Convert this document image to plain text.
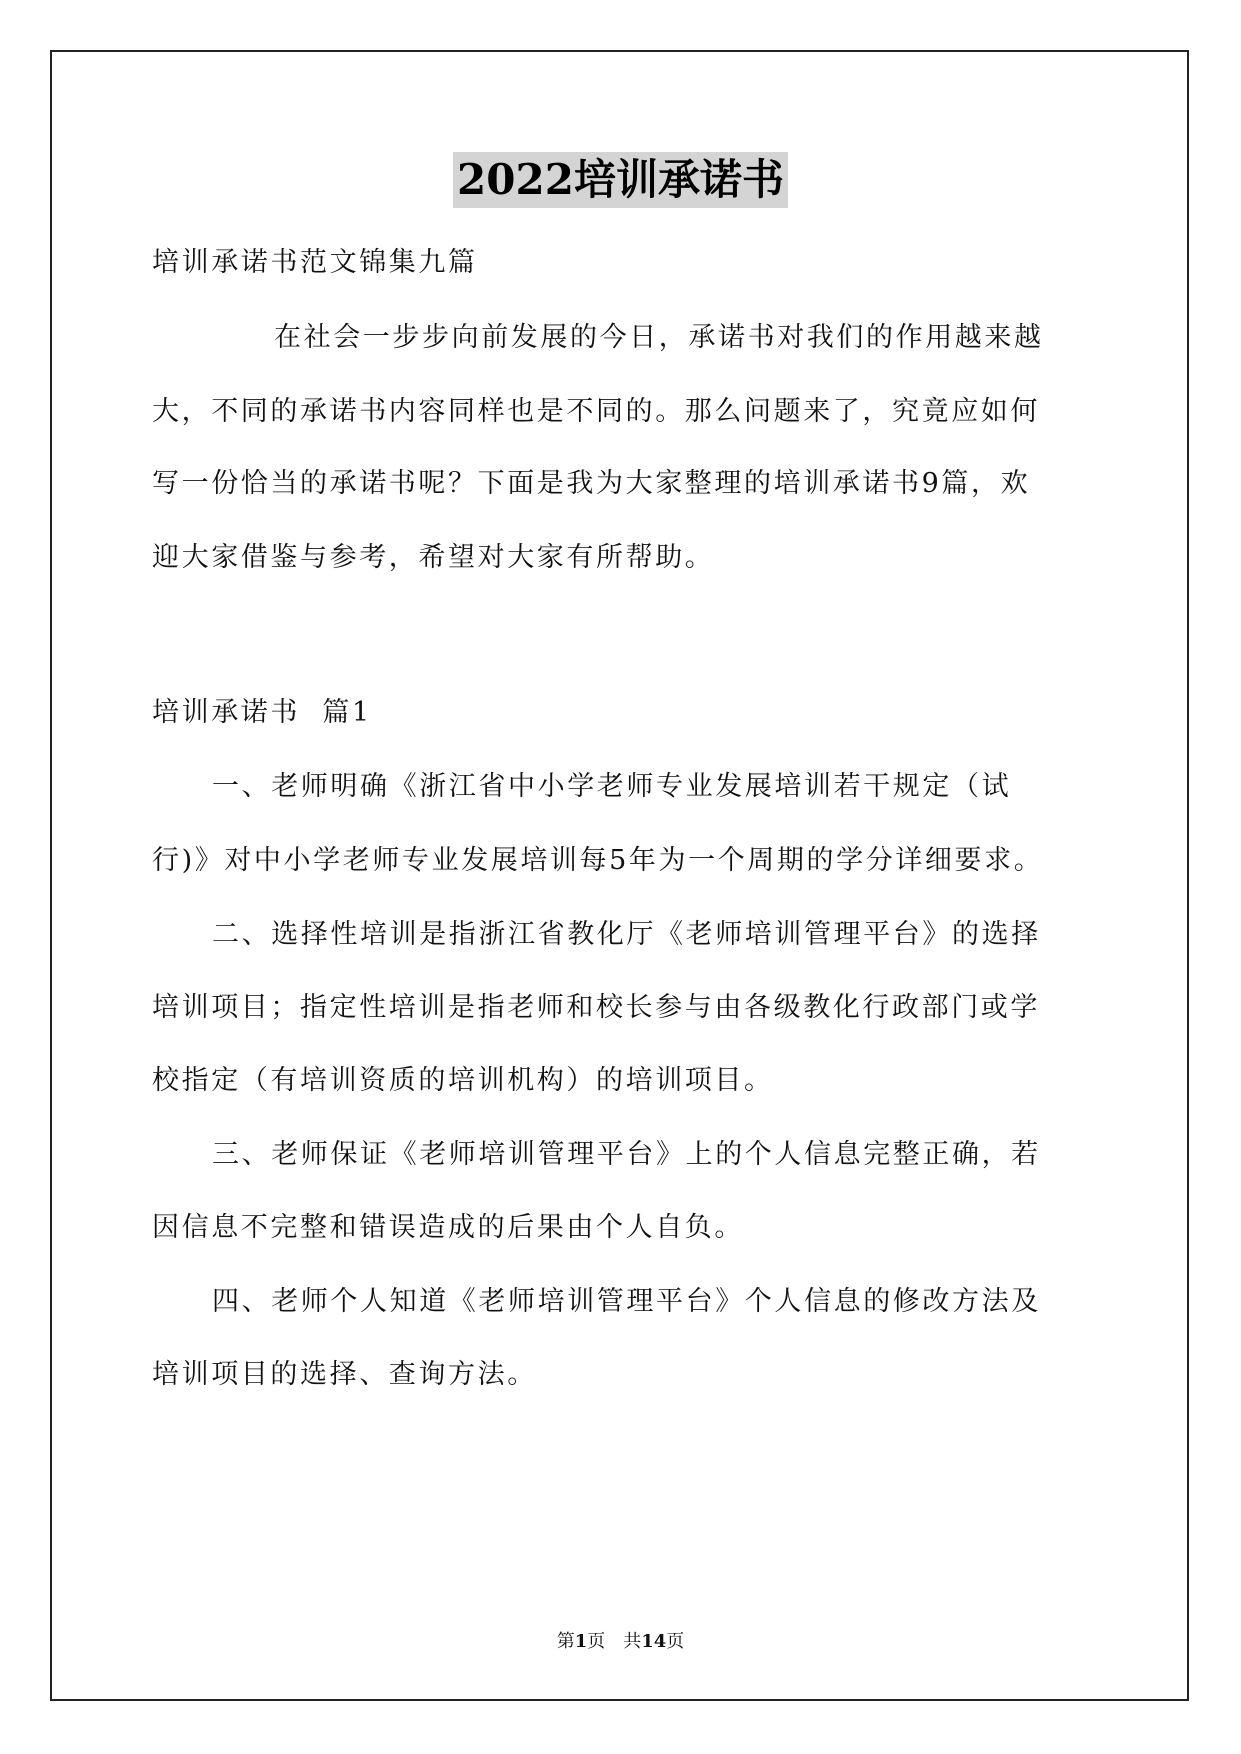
2022培训承诺书
培训承诺书范文锦集九篇
在社会一步步向前发展的今日，承诺书对我们的作用越来越
大，不同的承诺书内容同样也是不同的。那么问题来了，究竟应如何
写一份恰当的承诺书呢？下面是我为大家整理的培训承诺书9篇，欢
迎大家借鉴与参考，希望对大家有所帮助。
培训承诺书  篇1
一、老师明确《浙江省中小学老师专业发展培训若干规定（试
行)》对中小学老师专业发展培训每5年为一个周期的学分详细要求。
二、选择性培训是指浙江省教化厅《老师培训管理平台》的选择
培训项目；指定性培训是指老师和校长参与由各级教化行政部门或学
校指定（有培训资质的培训机构）的培训项目。
三、老师保证《老师培训管理平台》上的个人信息完整正确，若
因信息不完整和错误造成的后果由个人自负。
四、老师个人知道《老师培训管理平台》个人信息的修改方法及
培训项目的选择、查询方法。
第1页　共14页
